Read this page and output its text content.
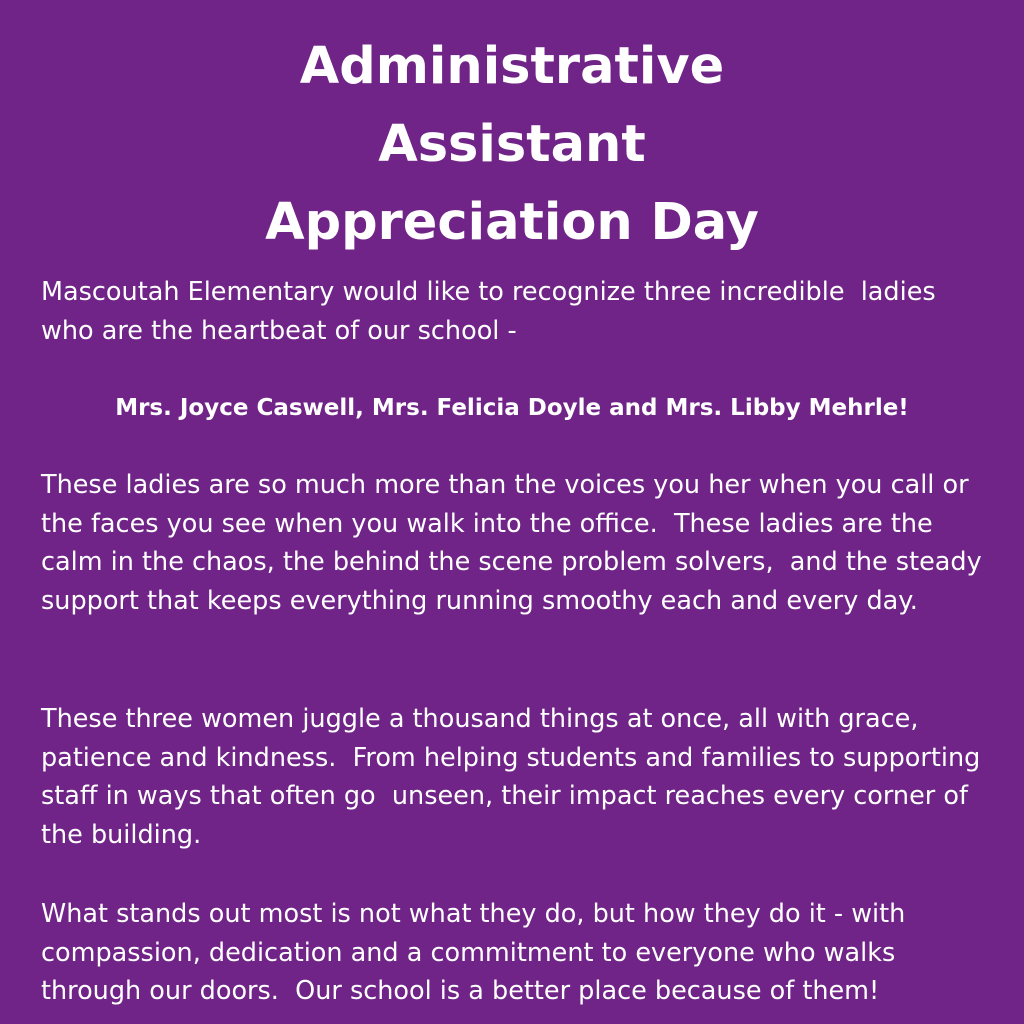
Administrative
Assistant
Appreciation Day

Mascoutah Elementary would like to recognize three incredible  ladies who are the heartbeat of our school -

Mrs. Joyce Caswell, Mrs. Felicia Doyle and Mrs. Libby Mehrle!

These ladies are so much more than the voices you her when you call or the faces you see when you walk into the office.  These ladies are the calm in the chaos, the behind the scene problem solvers,  and the steady support that keeps everything running smoothy each and every day.

These three women juggle a thousand things at once, all with grace, patience and kindness.  From helping students and families to supporting staff in ways that often go  unseen, their impact reaches every corner of the building.

What stands out most is not what they do, but how they do it - with compassion, dedication and a commitment to everyone who walks through our doors.  Our school is a better place because of them!
